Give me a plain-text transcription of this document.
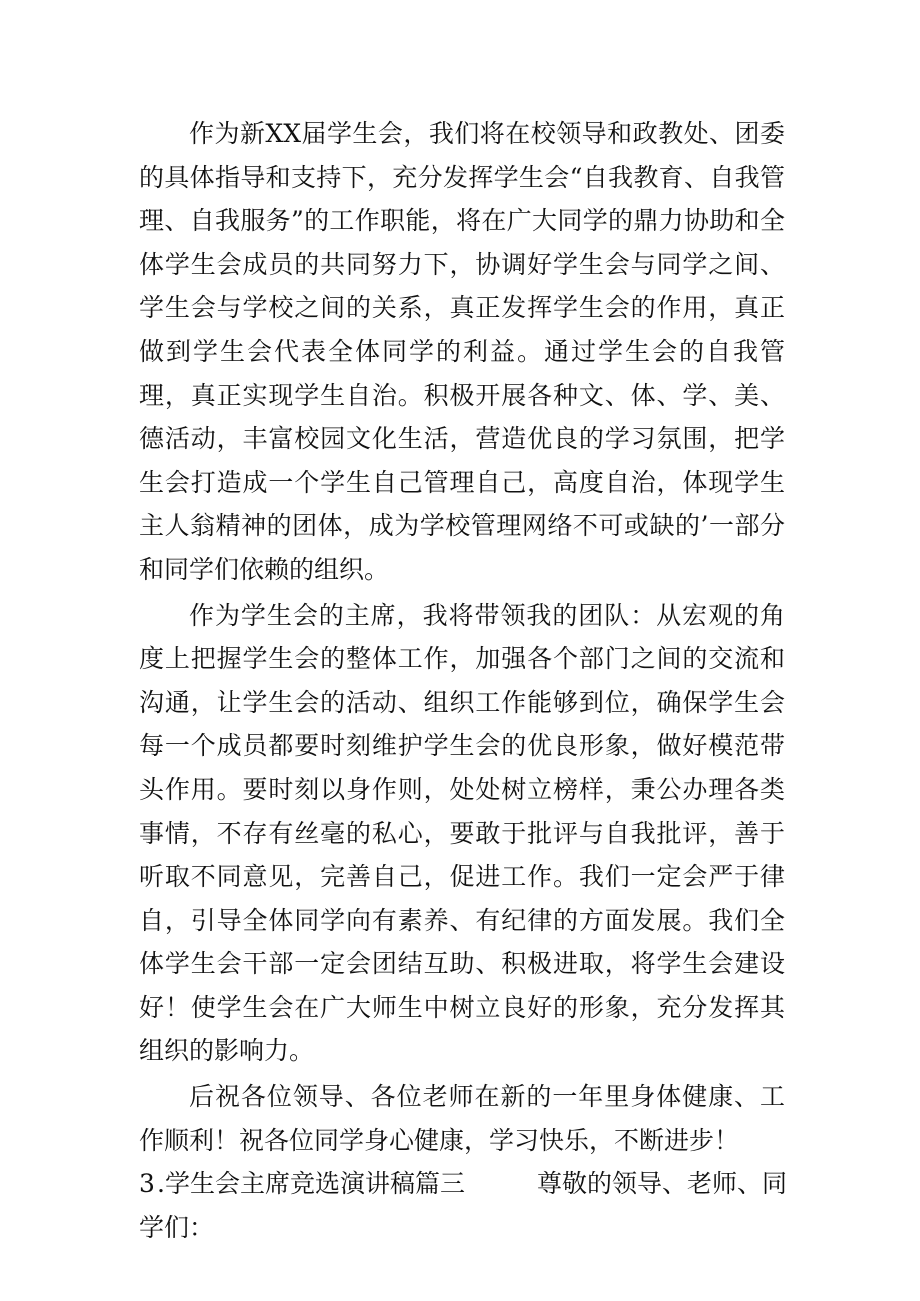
作为新XX届学生会，我们将在校领导和政教处、团委的具体指导和支持下，充分发挥学生会“自我教育、自我管理、自我服务”的工作职能，将在广大同学的鼎力协助和全体学生会成员的共同努力下，协调好学生会与同学之间、学生会与学校之间的关系，真正发挥学生会的作用，真正做到学生会代表全体同学的利益。通过学生会的自我管理，真正实现学生自治。积极开展各种文、体、学、美、德活动，丰富校园文化生活，营造优良的学习氛围，把学生会打造成一个学生自己管理自己，高度自治，体现学生主人翁精神的团体，成为学校管理网络不可或缺的’一部分和同学们依赖的组织。

作为学生会的主席，我将带领我的团队：从宏观的角度上把握学生会的整体工作，加强各个部门之间的交流和沟通，让学生会的活动、组织工作能够到位，确保学生会每一个成员都要时刻维护学生会的优良形象，做好模范带头作用。要时刻以身作则，处处树立榜样，秉公办理各类事情，不存有丝毫的私心，要敢于批评与自我批评，善于听取不同意见，完善自己，促进工作。我们一定会严于律自，引导全体同学向有素养、有纪律的方面发展。我们全体学生会干部一定会团结互助、积极进取，将学生会建设好！使学生会在广大师生中树立良好的形象，充分发挥其组织的影响力。

后祝各位领导、各位老师在新的一年里身体健康、工作顺利！祝各位同学身心健康，学习快乐，不断进步！

3.学生会主席竞选演讲稿篇三	尊敬的领导、老师、同

学们：
